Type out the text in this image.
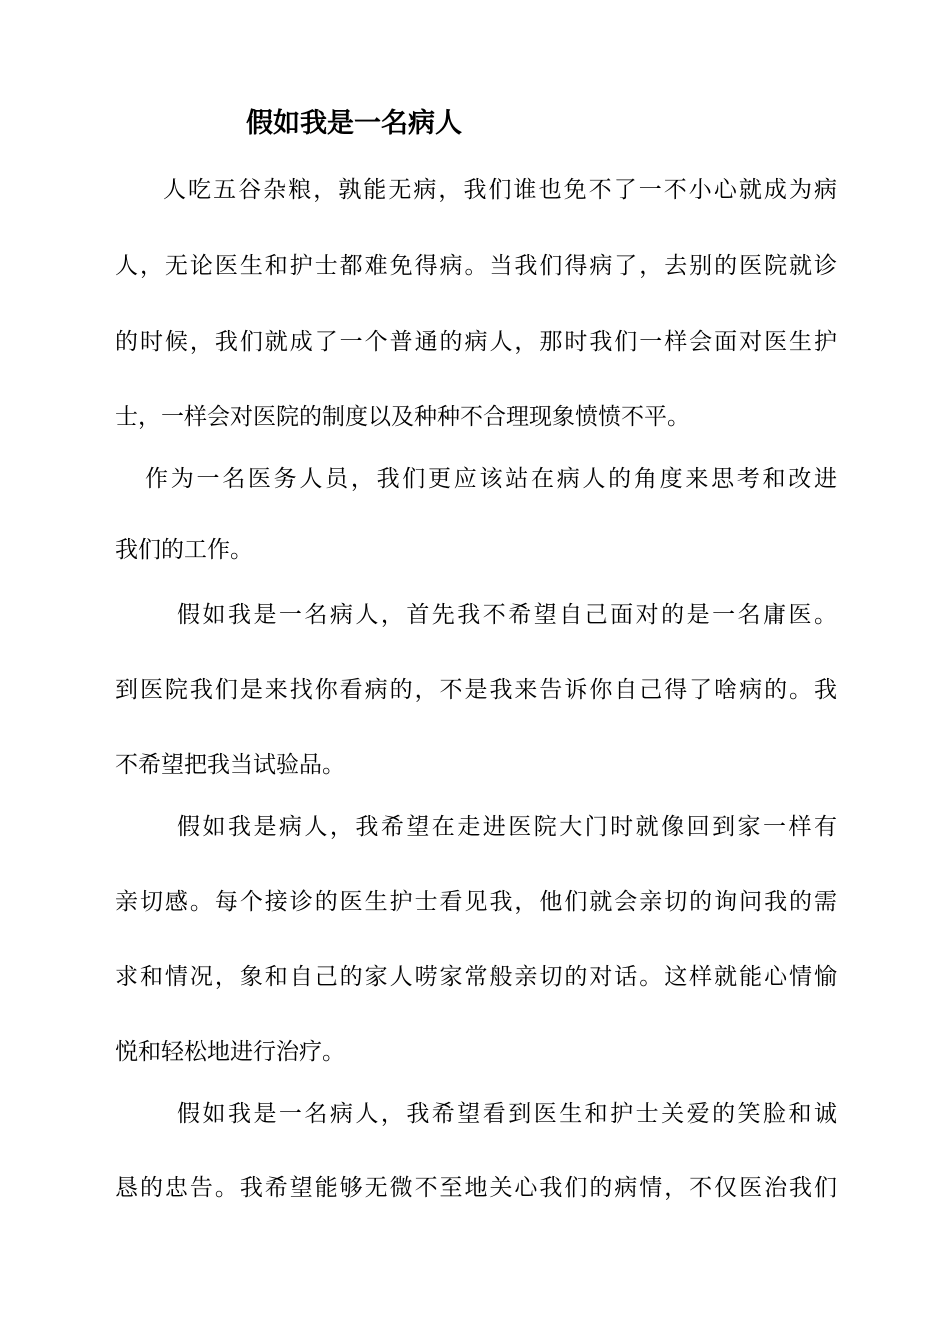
假如我是一名病人
人吃五谷杂粮，孰能无病，我们谁也免不了一不小心就成为病
人，无论医生和护士都难免得病。当我们得病了，去别的医院就诊
的时候，我们就成了一个普通的病人，那时我们一样会面对医生护
士，一样会对医院的制度以及种种不合理现象愤愤不平。
作为一名医务人员，我们更应该站在病人的角度来思考和改进
我们的工作。
假如我是一名病人，首先我不希望自己面对的是一名庸医。
到医院我们是来找你看病的，不是我来告诉你自己得了啥病的。我
不希望把我当试验品。
假如我是病人，我希望在走进医院大门时就像回到家一样有
亲切感。每个接诊的医生护士看见我，他们就会亲切的询问我的需
求和情况，象和自己的家人唠家常般亲切的对话。这样就能心情愉
悦和轻松地进行治疗。
假如我是一名病人，我希望看到医生和护士关爱的笑脸和诚
恳的忠告。我希望能够无微不至地关心我们的病情，不仅医治我们
